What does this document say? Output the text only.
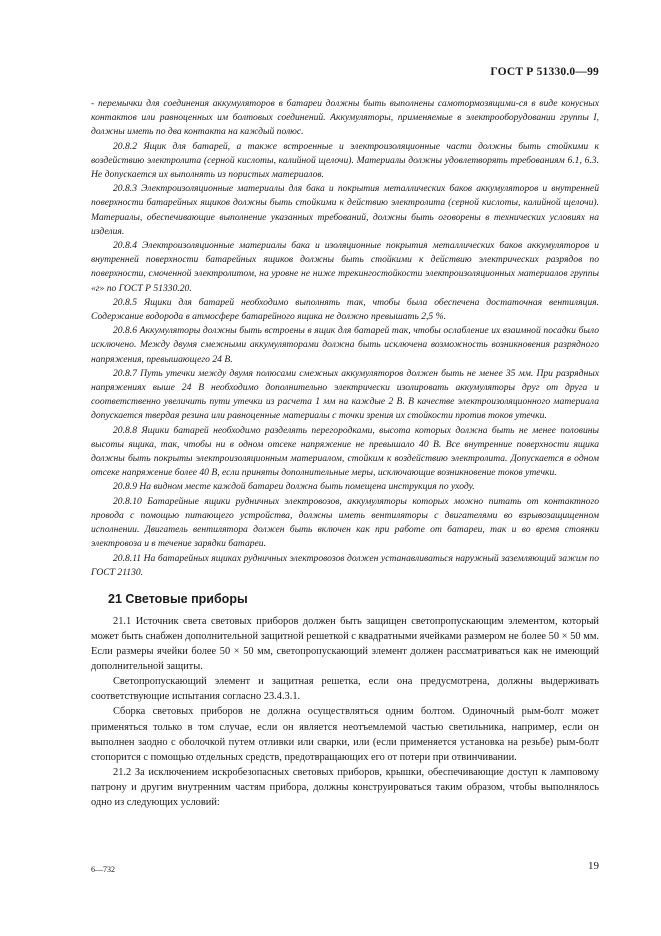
ГОСТ Р 51330.0—99

- перемычки для соединения аккумуляторов в батареи должны быть выполнены самотормозящими-ся в виде конусных контактов или равноценных им болтовых соединений. Аккумуляторы, применяемые в электрооборудовании группы I, должны иметь по два контакта на каждый полюс.

20.8.2 Ящик для батарей, а также встроенные и электроизоляционные части должны быть стойкими к воздействию электролита (серной кислоты, калийной щелочи). Материалы должны удовлетворять требованиям 6.1, 6.3. Не допускается их выполнять из пористых материалов.

20.8.3 Электроизоляционные материалы для бака и покрытия металлических баков аккумуляторов и внутренней поверхности батарейных ящиков должны быть стойкими к действию электролита (серной кислоты, калийной щелочи). Материалы, обеспечивающие выполнение указанных требований, должны быть оговорены в технических условиях на изделия.

20.8.4 Электроизоляционные материалы бака и изоляционные покрытия металлических баков аккумуляторов и внутренней поверхности батарейных ящиков должны быть стойкими к действию электрических разрядов по поверхности, смоченной электролитом, на уровне не ниже трекингостойкости электроизоляционных материалов группы «г» по ГОСТ Р 51330.20.

20.8.5 Ящики для батарей необходимо выполнять так, чтобы была обеспечена достаточная вентиляция. Содержание водорода в атмосфере батарейного ящика не должно превышать 2,5 %.

20.8.6 Аккумуляторы должны быть встроены в ящик для батарей так, чтобы ослабление их взаимной посадки было исключено. Между двумя смежными аккумуляторами должна быть исключена возможность возникновения разрядного напряжения, превышающего 24 В.

20.8.7 Путь утечки между двумя полюсами смежных аккумуляторов должен быть не менее 35 мм. При разрядных напряжениях выше 24 В необходимо дополнительно электрически изолировать аккумуляторы друг от друга и соответственно увеличить пути утечки из расчета 1 мм на каждые 2 В. В качестве электроизоляционного материала допускается твердая резина или равноценные материалы с точки зрения их стойкости против токов утечки.

20.8.8 Ящики батарей необходимо разделять перегородками, высота которых должна быть не менее половины высоты ящика, так, чтобы ни в одном отсеке напряжение не превышало 40 В. Все внутренние поверхности ящика должны быть покрыты электроизоляционным материалом, стойким к воздействию электролита. Допускается в одном отсеке напряжение более 40 В, если приняты дополнительные меры, исключающие возникновение токов утечки.

20.8.9 На видном месте каждой батареи должна быть помещена инструкция по уходу.

20.8.10 Батарейные ящики рудничных электровозов, аккумуляторы которых можно питать от контактного провода с помощью питающего устройства, должны иметь вентиляторы с двигателями во взрывозащищенном исполнении. Двигатель вентилятора должен быть включен как при работе от батареи, так и во время стоянки электровоза и в течение зарядки батареи.

20.8.11 На батарейных ящиках рудничных электровозов должен устанавливаться наружный заземляющий зажим по ГОСТ 21130.

21 Световые приборы

21.1 Источник света световых приборов должен быть защищен светопропускающим элементом, который может быть снабжен дополнительной защитной решеткой с квадратными ячейками размером не более 50 × 50 мм. Если размеры ячейки более 50 × 50 мм, светопропускающий элемент должен рассматриваться как не имеющий дополнительной защиты.

Светопропускающий элемент и защитная решетка, если она предусмотрена, должны выдерживать соответствующие испытания согласно 23.4.3.1.

Сборка световых приборов не должна осуществляться одним болтом. Одиночный рым-болт может применяться только в том случае, если он является неотъемлемой частью светильника, например, если он выполнен заодно с оболочкой путем отливки или сварки, или (если применяется установка на резьбе) рым-болт стопорится с помощью отдельных средств, предотвращающих его от потери при отвинчивании.

21.2 За исключением искробезопасных световых приборов, крышки, обеспечивающие доступ к ламповому патрону и другим внутренним частям прибора, должны конструироваться таким образом, чтобы выполнялось одно из следующих условий:

6—732	19
